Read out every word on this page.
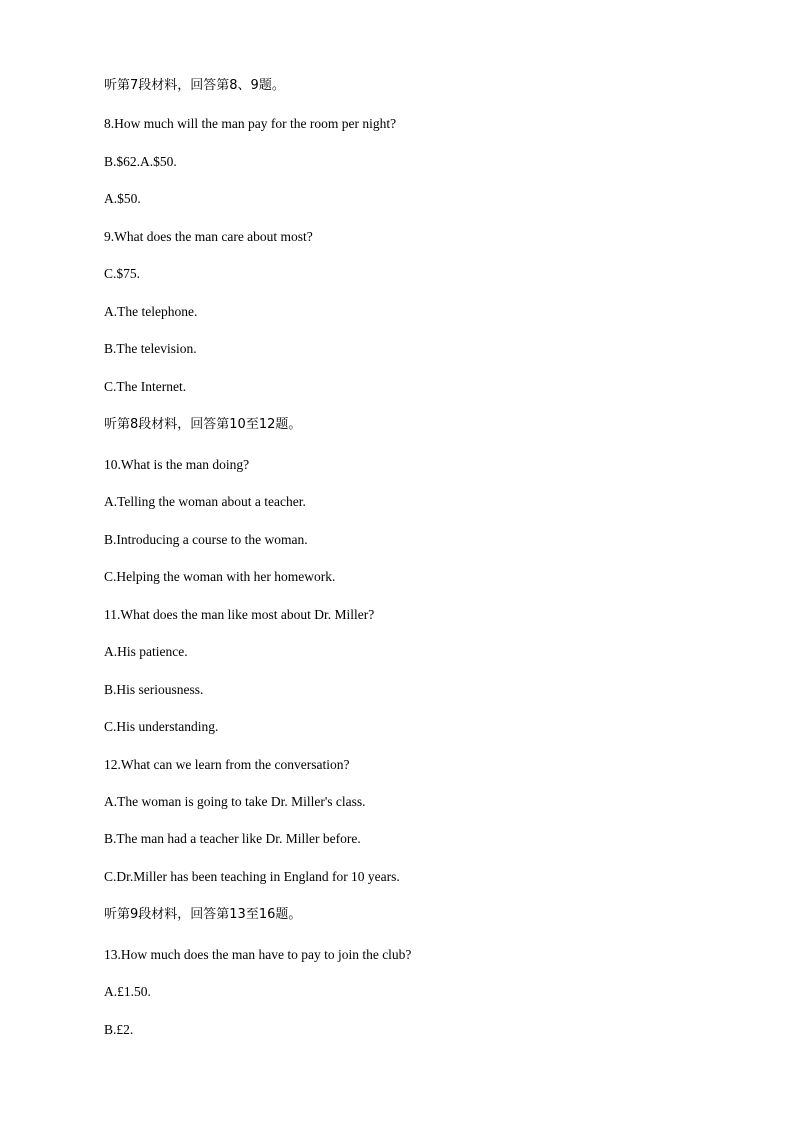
听第7段材料，回答第8、9题。
8.How much will the man pay for the room per night?
B.$62.A.$50.
A.$50.
9.What does the man care about most?
C.$75.
A.The telephone.
B.The television.
C.The Internet.
听第8段材料，回答第10至12题。
10.What is the man doing?
A.Telling the woman about a teacher.
B.Introducing a course to the woman.
C.Helping the woman with her homework.
11.What does the man like most about Dr. Miller?
A.His patience.
B.His seriousness.
C.His understanding.
12.What can we learn from the conversation?
A.The woman is going to take Dr. Miller's class.
B.The man had a teacher like Dr. Miller before.
C.Dr.Miller has been teaching in England for 10 years.
听第9段材料，回答第13至16题。
13.How much does the man have to pay to join the club?
A.£1.50.
B.£2.
